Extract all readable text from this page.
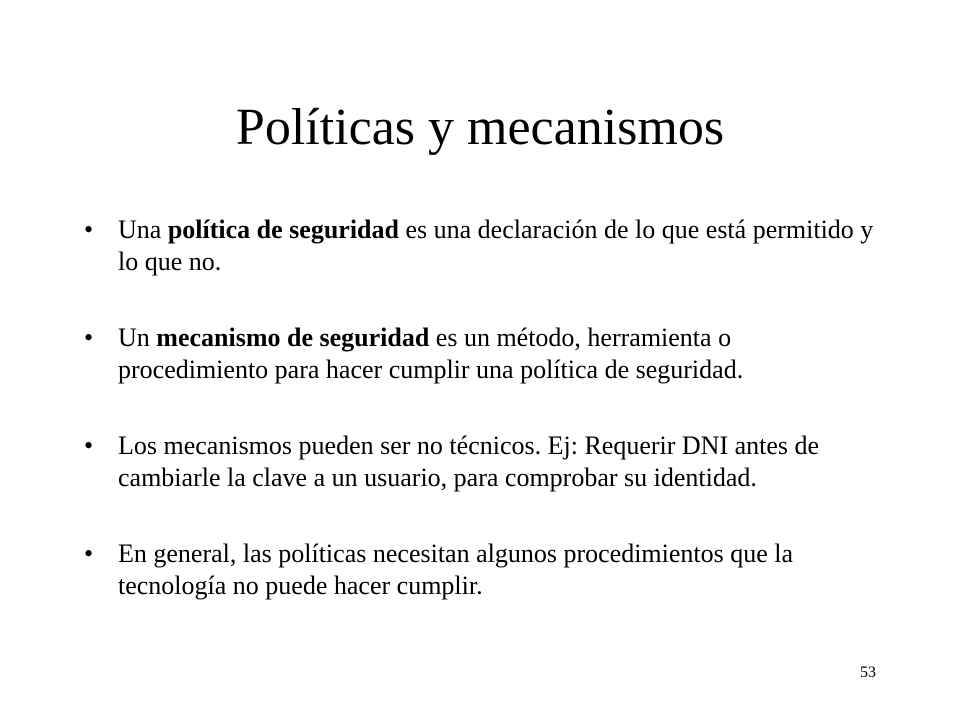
Políticas y mecanismos
• Una política de seguridad es una declaración de lo que está permitido y lo que no.
• Un mecanismo de seguridad es un método, herramienta o procedimiento para hacer cumplir una política de seguridad.
• Los mecanismos pueden ser no técnicos. Ej: Requerir DNI antes de cambiarle la clave a un usuario, para comprobar su identidad.
• En general, las políticas necesitan algunos procedimientos que la tecnología no puede hacer cumplir.
53
